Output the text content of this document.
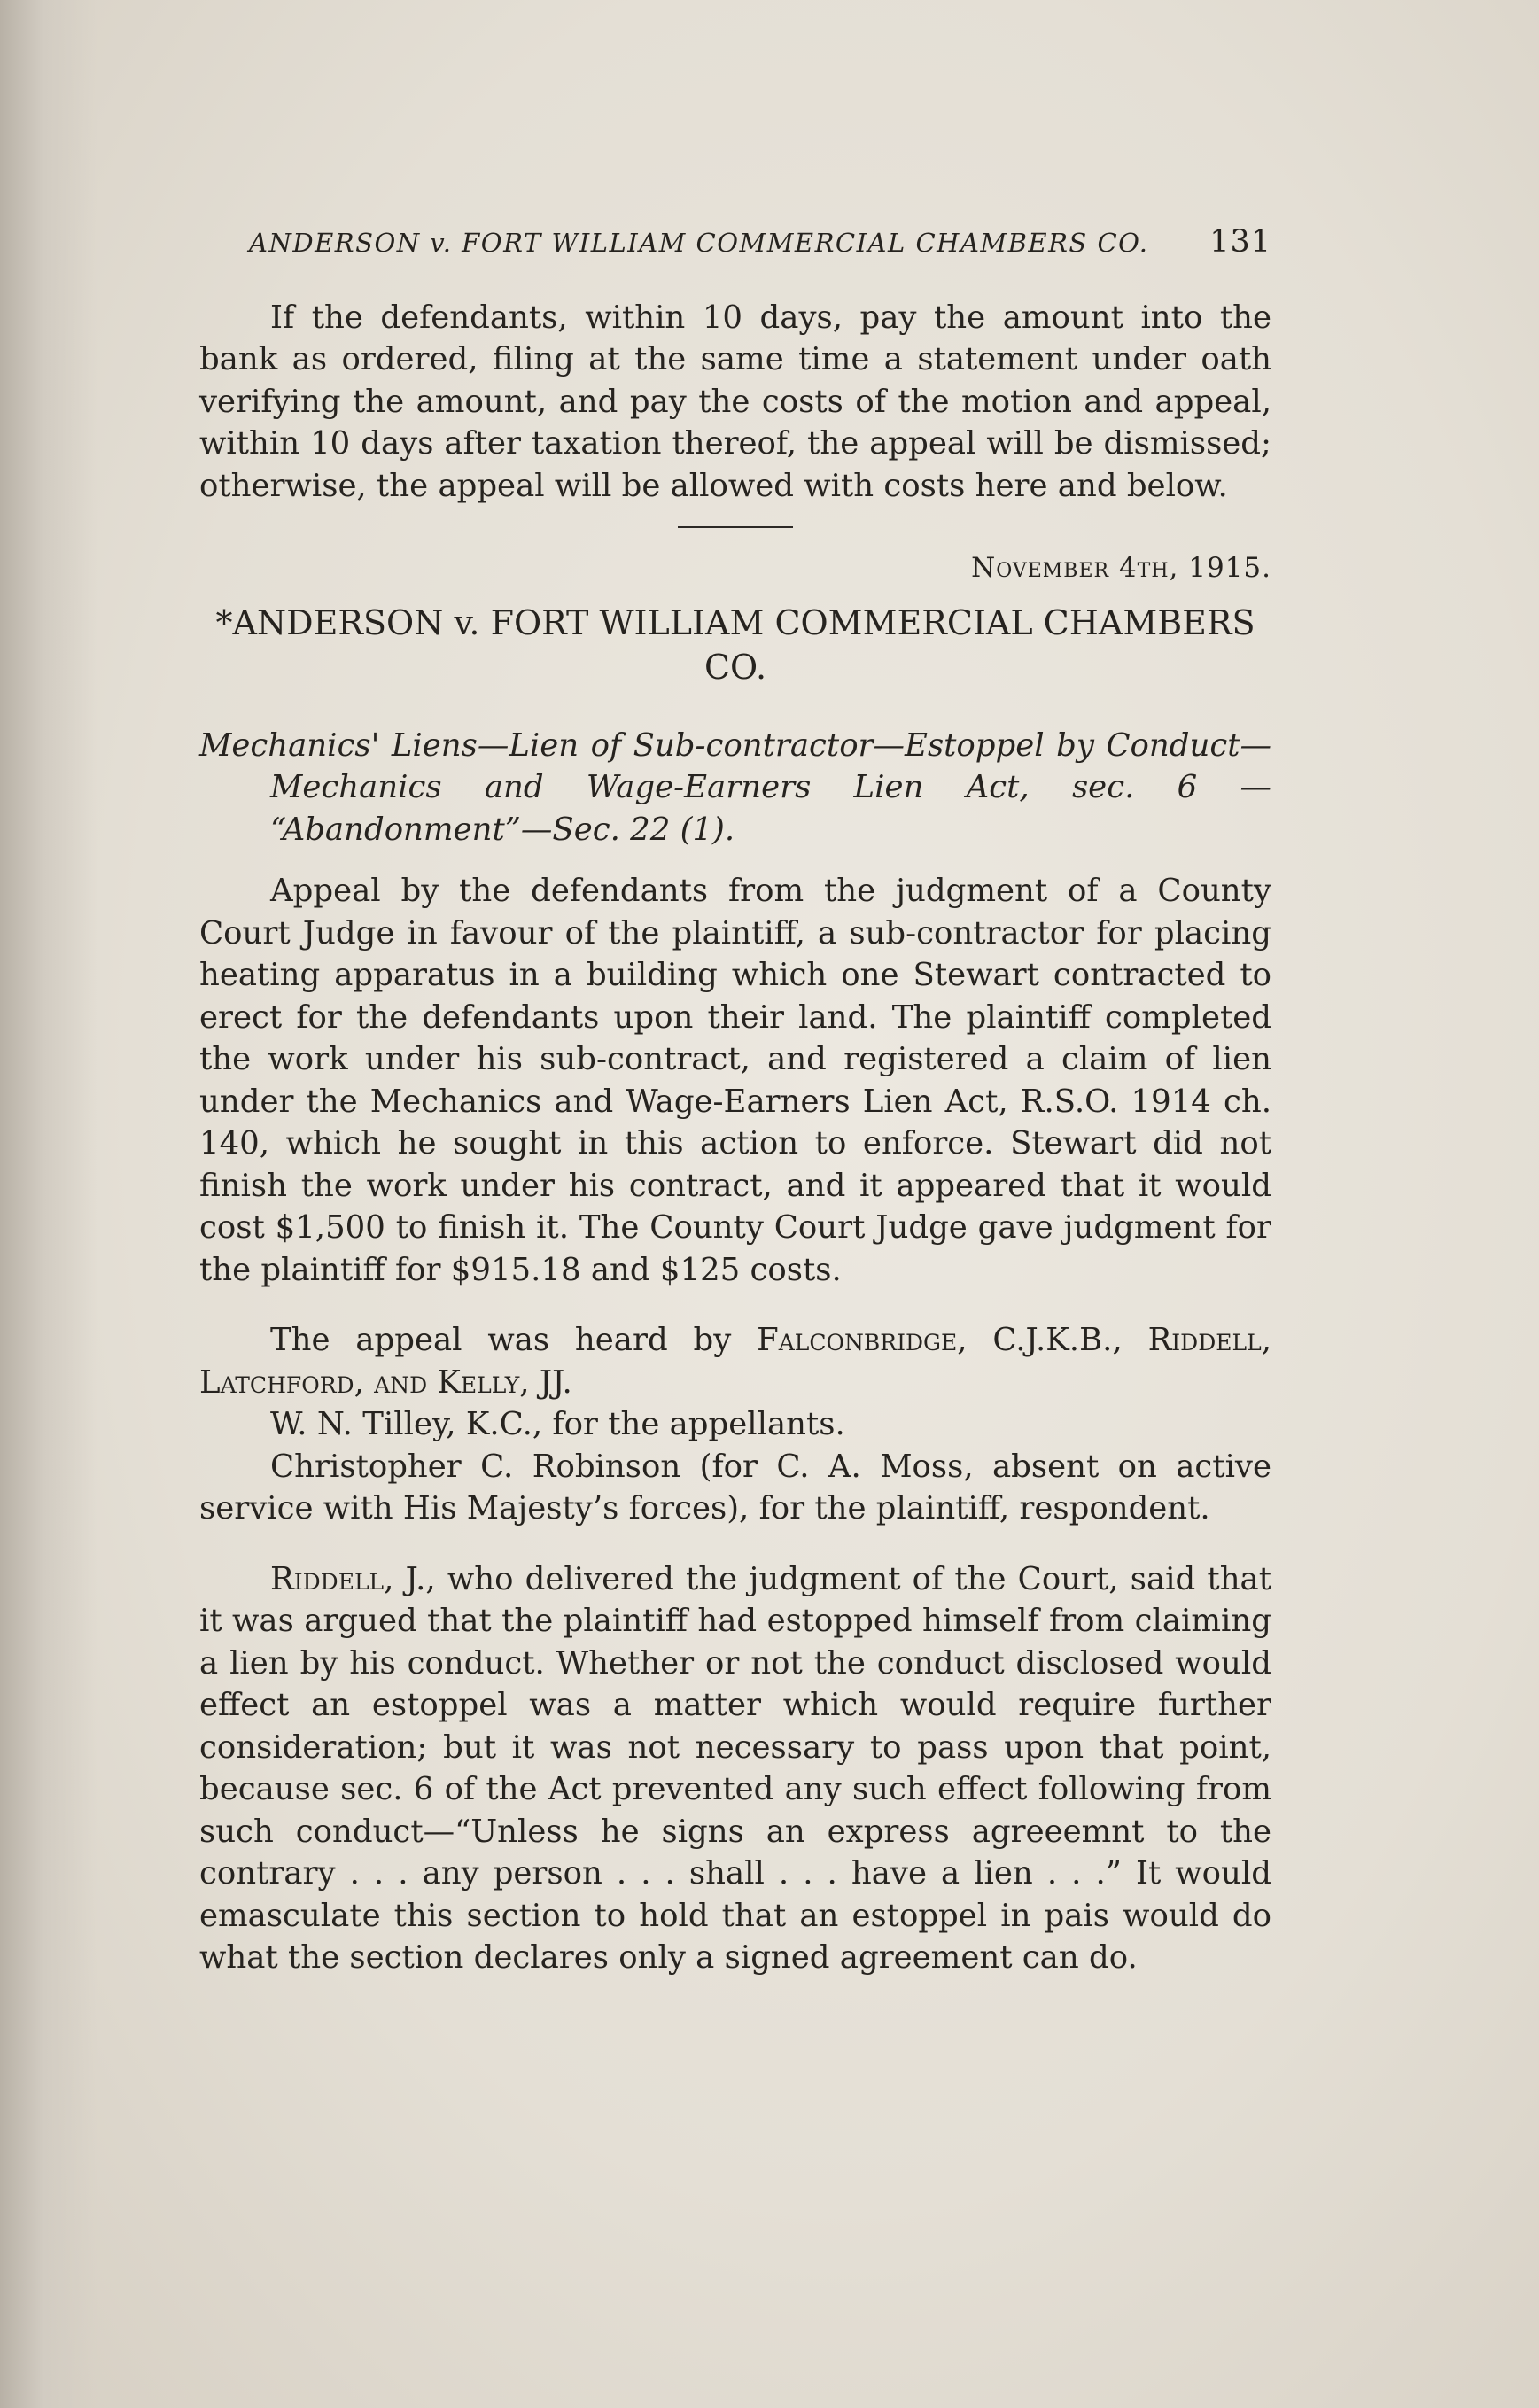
ANDERSON v. FORT WILLIAM COMMERCIAL CHAMBERS CO. 131

If the defendants, within 10 days, pay the amount into the bank as ordered, filing at the same time a statement under oath verifying the amount, and pay the costs of the motion and appeal, within 10 days after taxation thereof, the appeal will be dismissed; otherwise, the appeal will be allowed with costs here and below.

November 4th, 1915.
*ANDERSON v. FORT WILLIAM COMMERCIAL CHAMBERS CO.

Mechanics' Liens—Lien of Sub-contractor—Estoppel by Conduct—Mechanics and Wage-Earners Lien Act, sec. 6 — “Abandonment”—Sec. 22 (1).

Appeal by the defendants from the judgment of a County Court Judge in favour of the plaintiff, a sub-contractor for placing heating apparatus in a building which one Stewart contracted to erect for the defendants upon their land. The plaintiff completed the work under his sub-contract, and registered a claim of lien under the Mechanics and Wage-Earners Lien Act, R.S.O. 1914 ch. 140, which he sought in this action to enforce. Stewart did not finish the work under his contract, and it appeared that it would cost $1,500 to finish it. The County Court Judge gave judgment for the plaintiff for $915.18 and $125 costs.

The appeal was heard by Falconbridge, C.J.K.B., Riddell, Latchford, and Kelly, JJ.

W. N. Tilley, K.C., for the appellants.

Christopher C. Robinson (for C. A. Moss, absent on active service with His Majesty’s forces), for the plaintiff, respondent.

Riddell, J., who delivered the judgment of the Court, said that it was argued that the plaintiff had estopped himself from claiming a lien by his conduct. Whether or not the conduct disclosed would effect an estoppel was a matter which would require further consideration; but it was not necessary to pass upon that point, because sec. 6 of the Act prevented any such effect following from such conduct—“Unless he signs an express agreeemnt to the contrary . . . any person . . . shall . . . have a lien . . .” It would emasculate this section to hold that an estoppel in pais would do what the section declares only a signed agreement can do.
